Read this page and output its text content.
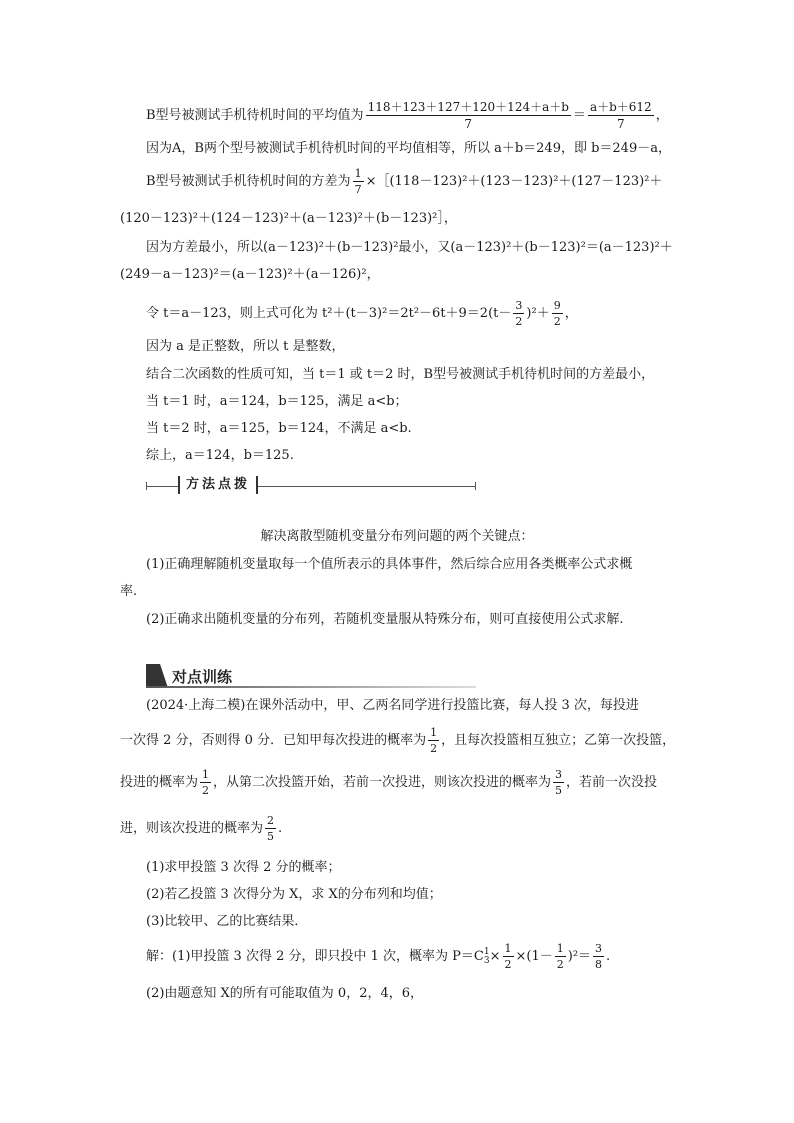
B型号被测试手机待机时间的平均值为 $\frac{118+123+127+120+124+a+b}{7} = \frac{a+b+612}{7}$ ，
因为A，B两个型号被测试手机待机时间的平均值相等，所以 a＋b＝249，即 b＝249－a，
B型号被测试手机待机时间的方差为 $\frac{1}{7}$ ×［(118－123)²＋(123－123)²＋(127－123)²＋
(120－123)²＋(124－123)²＋(a－123)²＋(b－123)²］，
因为方差最小，所以(a－123)²＋(b－123)²最小，又(a－123)²＋(b－123)²＝(a－123)²＋
(249－a－123)²＝(a－123)²＋(a－126)²，
令 t＝a－123，则上式可化为 $t^2+(t-3)^2=2t^2-6t+9=2(t- \frac{3}{2} )^2+ \frac{9}{2}$ ，
因为 a 是正整数，所以 t 是整数，
结合二次函数的性质可知，当 t＝1 或 t＝2 时，B型号被测试手机待机时间的方差最小，
当 t＝1 时，a＝124，b＝125，满足 a<b；
当 t＝2 时，a＝125，b＝124，不满足 a<b.
综上，a＝124，b＝125.
方法点拨
解决离散型随机变量分布列问题的两个关键点：
(1)正确理解随机变量取每一个值所表示的具体事件，然后综合应用各类概率公式求概
率.
(2)正确求出随机变量的分布列，若随机变量服从特殊分布，则可直接使用公式求解.
对点训练
(2024·上海二模)在课外活动中，甲、乙两名同学进行投篮比赛，每人投 3 次，每投进
一次得 2 分，否则得 0 分．已知甲每次投进的概率为 $\frac{1}{2}$ ，且每次投篮相互独立；乙第一次投篮，
投进的概率为 $\frac{1}{2}$ ，从第二次投篮开始，若前一次投进，则该次投进的概率为 $\frac{3}{5}$ ，若前一次没投
进，则该次投进的概率为 $\frac{2}{5}$ .
(1)求甲投篮 3 次得 2 分的概率；
(2)若乙投篮 3 次得分为 X，求 X的分布列和均值；
(3)比较甲、乙的比赛结果．
解：(1)甲投篮 3 次得 2 分，即只投中 1 次，概率为 P＝C 1
$3 \times \frac{1}{2} \times(1- \frac{1}{2} )^2= \frac{3}{8}$ .
(2)由题意知 X的所有可能取值为 0，2，4，6，
